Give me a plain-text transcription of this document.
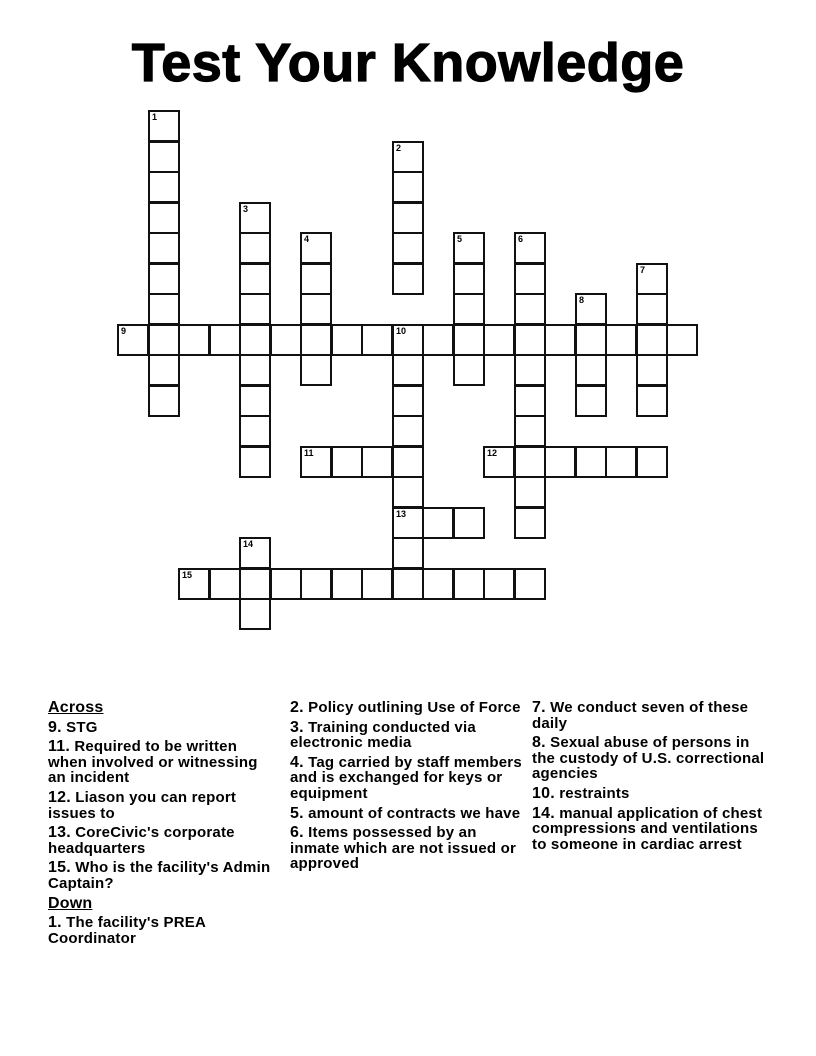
Test Your Knowledge
1
2
3
4	5	6
7
8
9	10
13
11	12
14
15
Across
9. STG
11. Required to be written when involved or witnessing an incident
12. Liason you can report issues to
13. CoreCivic's corporate headquarters
15. Who is the facility's Admin Captain?
Down
1. The facility's PREA Coordinator
2. Policy outlining Use of Force
3. Training conducted via electronic media
4. Tag carried by staff members and is exchanged for keys or equipment
5. amount of contracts we have
6. Items possessed by an inmate which are not issued or approved
7. We conduct seven of these daily
8. Sexual abuse of persons in the custody of U.S. correctional agencies
10. restraints
14. manual application of chest compressions and ventilations to someone in cardiac arrest
